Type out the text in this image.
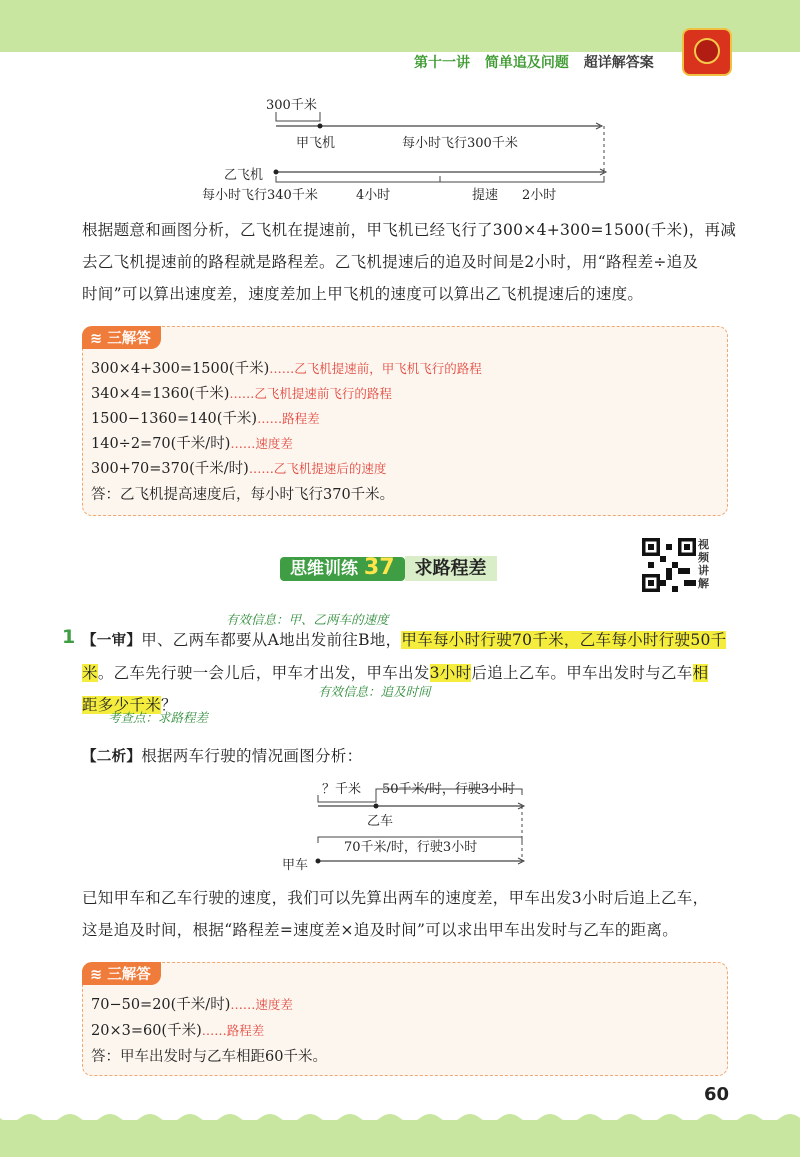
第十一讲 简单追及问题 超详解答案
300千米
甲飞机	每小时飞行300千米
乙飞机
每小时飞行340千米	4小时	提速 2小时
根据题意和画图分析，乙飞机在提速前，甲飞机已经飞行了300×4+300=1500(千米)，再减
去乙飞机提速前的路程就是路程差。乙飞机提速后的追及时间是2小时，用“路程差÷追及
时间”可以算出速度差，速度差加上甲飞机的速度可以算出乙飞机提速后的速度。
≋ 三解答
300×4+300=1500(千米)……乙飞机提速前，甲飞机飞行的路程
340×4=1360(千米)……乙飞机提速前飞行的路程
1500−1360=140(千米)……路程差
140÷2=70(千米/时)……速度差
300+70=370(千米/时)……乙飞机提速后的速度
答：乙飞机提高速度后，每小时飞行370千米。
思维训练 37 求路程差
视频讲解
有效信息：甲、乙两车的速度
1 【一审】甲、乙两车都要从A地出发前往B地，甲车每小时行驶70千米，乙车每小时行驶50千
米。乙车先行驶一会儿后，甲车才出发，甲车出发3小时后追上乙车。甲车出发时与乙车相
距多少千米？
有效信息：追及时间
考查点：求路程差
【二析】根据两车行驶的情况画图分析：
？千米 50千米/时，行驶3小时
乙车
70千米/时，行驶3小时
甲车
已知甲车和乙车行驶的速度，我们可以先算出两车的速度差，甲车出发3小时后追上乙车，
这是追及时间，根据“路程差=速度差×追及时间”可以求出甲车出发时与乙车的距离。
≋ 三解答
70−50=20(千米/时)……速度差
20×3=60(千米)……路程差
答：甲车出发时与乙车相距60千米。
60
